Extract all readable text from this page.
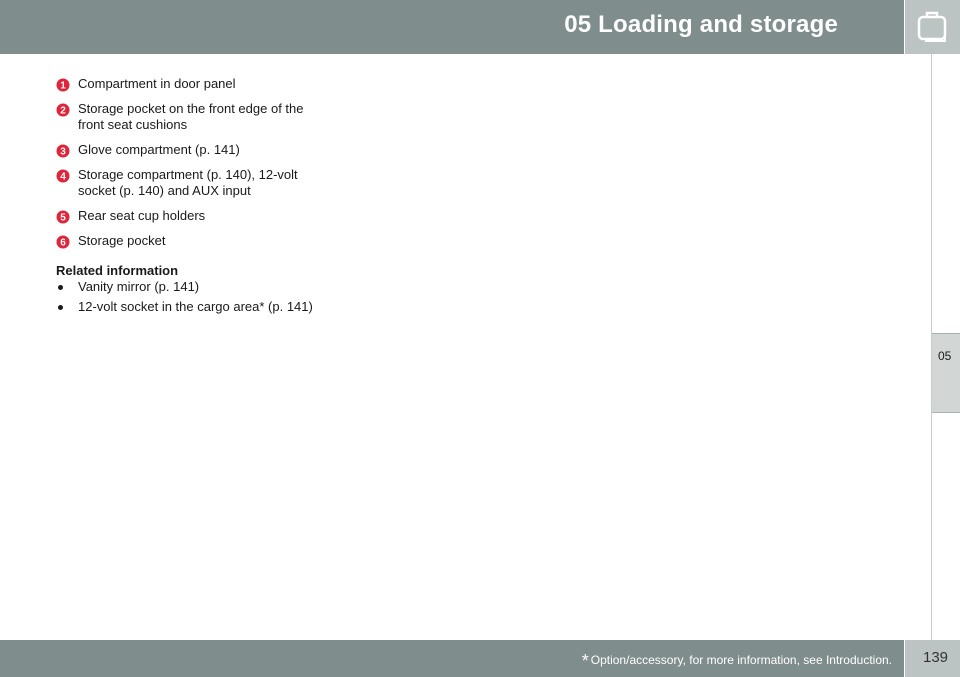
05 Loading and storage
05
1 Compartment in door panel
2 Storage pocket on the front edge of the front seat cushions
3 Glove compartment (p. 141)
4 Storage compartment (p. 140), 12-volt socket (p. 140) and AUX input
5 Rear seat cup holders
6 Storage pocket
Related information
Vanity mirror (p. 141)
12-volt socket in the cargo area* (p. 141)
* Option/accessory, for more information, see Introduction. 139
